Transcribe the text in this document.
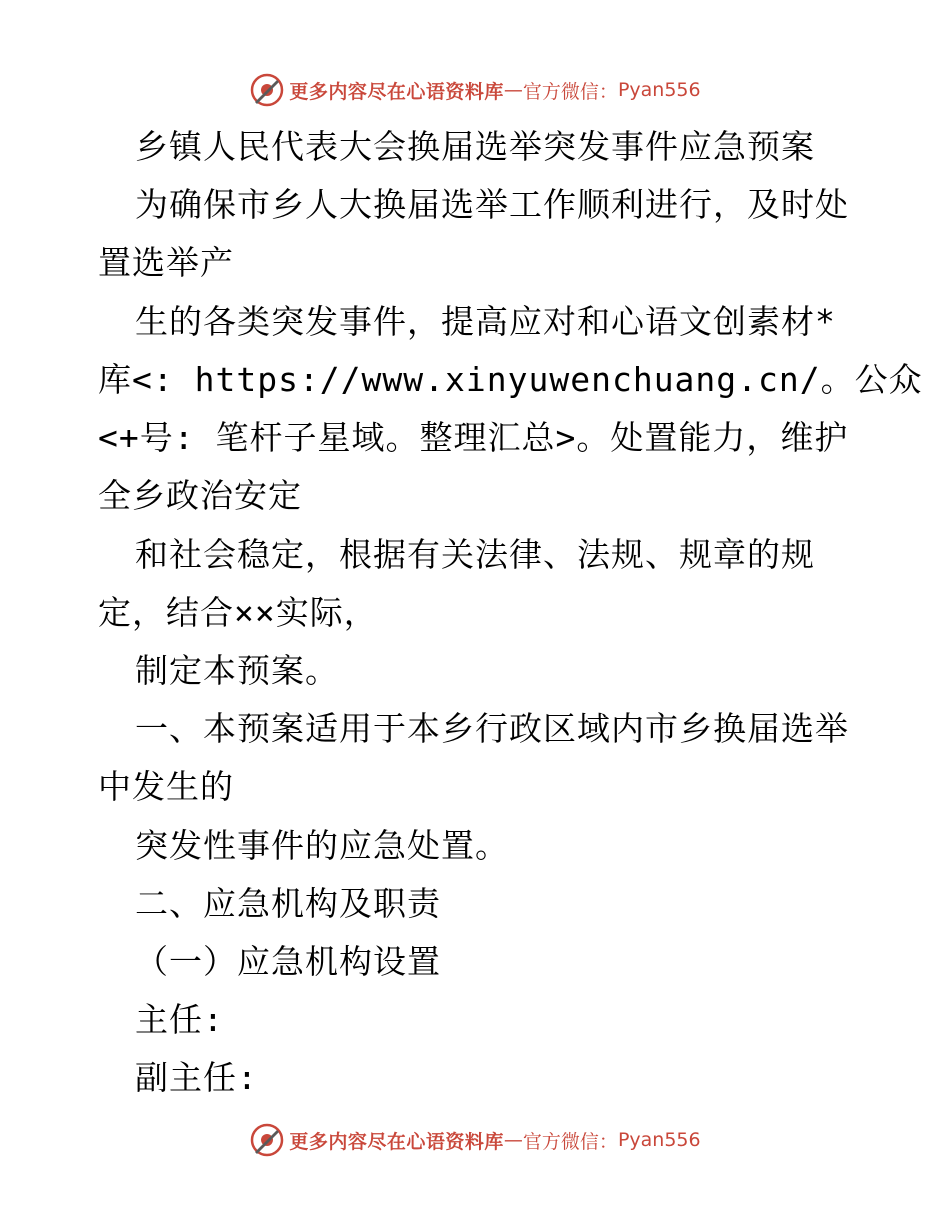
更多内容尽在心语资料库 — 官方微信： Pyan556
乡镇人民代表大会换届选举突发事件应急预案
为确保市乡人大换届选举工作顺利进行，及时处
置选举产
生的各类突发事件，提高应对和心语文创素材*
库<: https://www.xinyuwenchuang.cn/。公众
<+号: 笔杆子星域。整理汇总>。处置能力，维护
全乡政治安定
和社会稳定，根据有关法律、法规、规章的规
定，结合××实际，
制定本预案。
一、本预案适用于本乡行政区域内市乡换届选举
中发生的
突发性事件的应急处置。
二、应急机构及职责
（一）应急机构设置
主任:
副主任:
更多内容尽在心语资料库 — 官方微信： Pyan556
